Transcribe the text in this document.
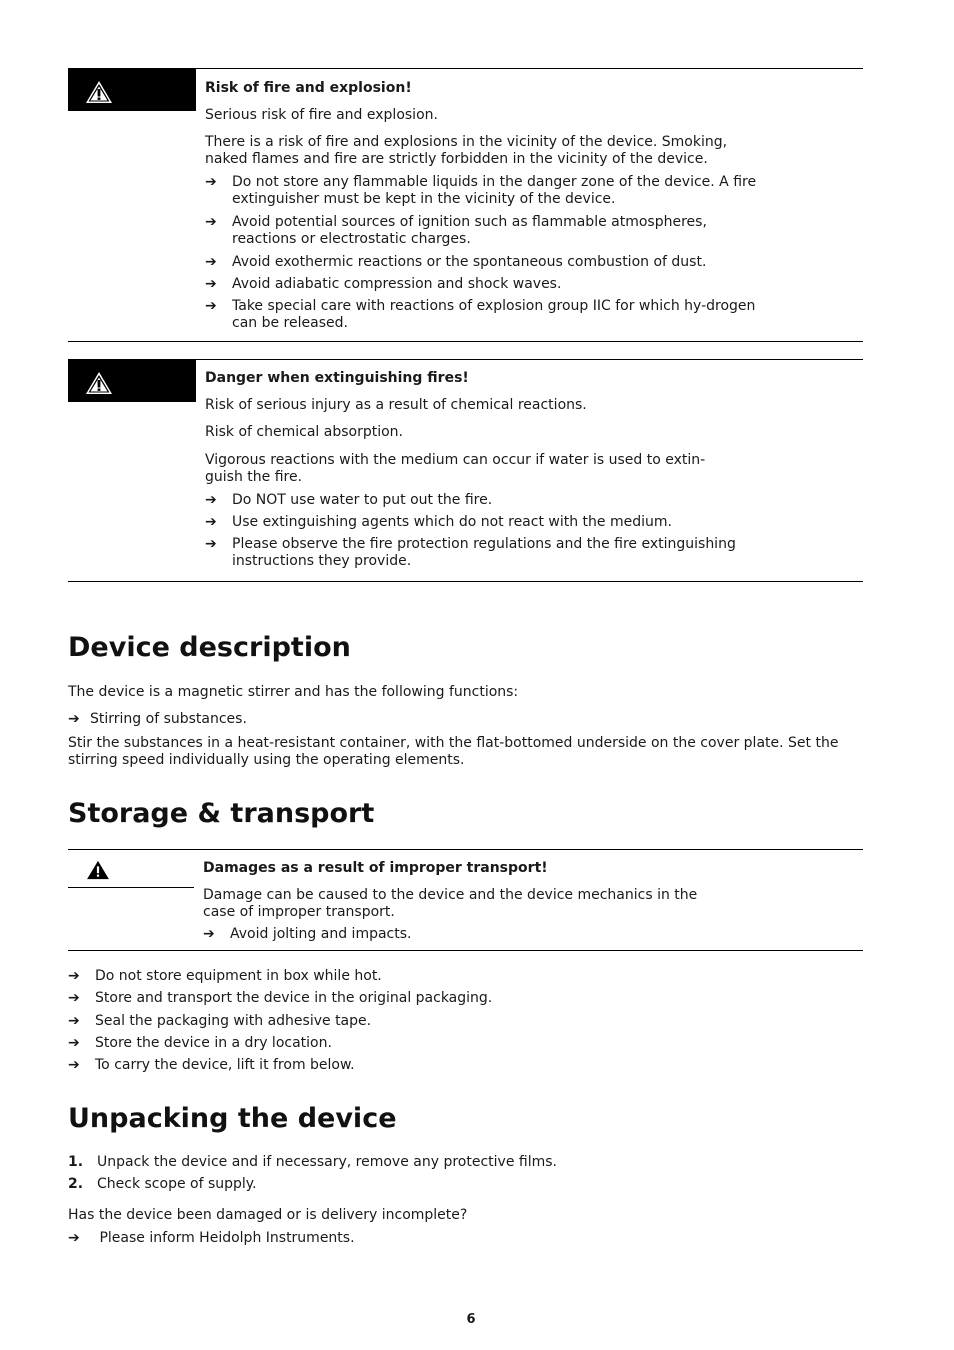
Risk of fire and explosion!
Serious risk of fire and explosion.
There is a risk of fire and explosions in the vicinity of the device. Smoking, naked flames and fire are strictly forbidden in the vicinity of the device.
➔ Do not store any flammable liquids in the danger zone of the device. A fire extinguisher must be kept in the vicinity of the device.
➔ Avoid potential sources of ignition such as flammable atmospheres, reactions or electrostatic charges.
➔ Avoid exothermic reactions or the spontaneous combustion of dust.
➔ Avoid adiabatic compression and shock waves.
➔ Take special care with reactions of explosion group IIC for which hy-drogen can be released.
Danger when extinguishing fires!
Risk of serious injury as a result of chemical reactions.
Risk of chemical absorption.
Vigorous reactions with the medium can occur if water is used to extin-guish the fire.
➔ Do NOT use water to put out the fire.
➔ Use extinguishing agents which do not react with the medium.
➔ Please observe the fire protection regulations and the fire extinguishing instructions they provide.
Device description
The device is a magnetic stirrer and has the following functions:
➔ Stirring of substances.
Stir the substances in a heat-resistant container, with the flat-bottomed underside on the cover plate. Set the stirring speed individually using the operating elements.
Storage & transport
Damages as a result of improper transport!
Damage can be caused to the device and the device mechanics in the case of improper transport.
➔ Avoid jolting and impacts.
➔ Do not store equipment in box while hot.
➔ Store and transport the device in the original packaging.
➔ Seal the packaging with adhesive tape.
➔ Store the device in a dry location.
➔ To carry the device, lift it from below.
Unpacking the device
1. Unpack the device and if necessary, remove any protective films.
2. Check scope of supply.
Has the device been damaged or is delivery incomplete?
➔ Please inform Heidolph Instruments.
6
